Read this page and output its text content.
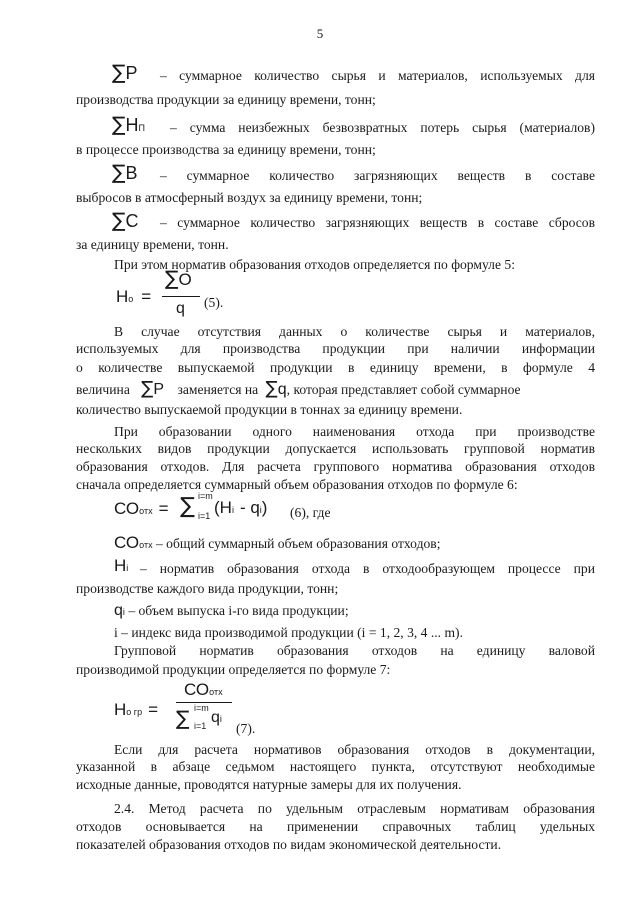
5
∑P – суммарное количество сырья и материалов, используемых для
производства продукции за единицу времени, тонн;
∑НП – сумма неизбежных безвозвратных потерь сырья (материалов)
в процессе производства за единицу времени, тонн;
∑В – суммарное количество загрязняющих веществ в составе
выбросов в атмосферный воздух за единицу времени, тонн;
∑С – суммарное количество загрязняющих веществ в составе сбросов
за единицу времени, тонн.
При этом норматив образования отходов определяется по формуле 5:
Но =
∑О
q (5).
В случае отсутствия данных о количестве сырья и материалов,
используемых для производства продукции при наличии информации
о количестве выпускаемой продукции в единицу времени, в формуле 4
величина ∑P заменяется на ∑q, которая представляет собой суммарное
количество выпускаемой продукции в тоннах за единицу времени.
При образовании одного наименования отхода при производстве
нескольких видов продукции допускается использовать групповой норматив
образования отходов. Для расчета группового норматива образования отходов
сначала определяется суммарный объем образования отходов по формуле 6:
СОотх = ∑ i=m
i=1 (Нi - qi) (6), где
СОотх – общий суммарный объем образования отходов;
Нi – норматив образования отхода в отходообразующем процессе при
производстве каждого вида продукции, тонн;
qi – объем выпуска i-го вида продукции;
i – индекс вида производимой продукции (i = 1, 2, 3, 4 ... m).
Групповой норматив образования отходов на единицу валовой
производимой продукции определяется по формуле 7:
Но гр =
СОотх
∑ i=m
i=1 qi
(7).
Если для расчета нормативов образования отходов в документации,
указанной в абзаце седьмом настоящего пункта, отсутствуют необходимые
исходные данные, проводятся натурные замеры для их получения.
2.4. Метод расчета по удельным отраслевым нормативам образования
отходов основывается на применении справочных таблиц удельных
показателей образования отходов по видам экономической деятельности.
